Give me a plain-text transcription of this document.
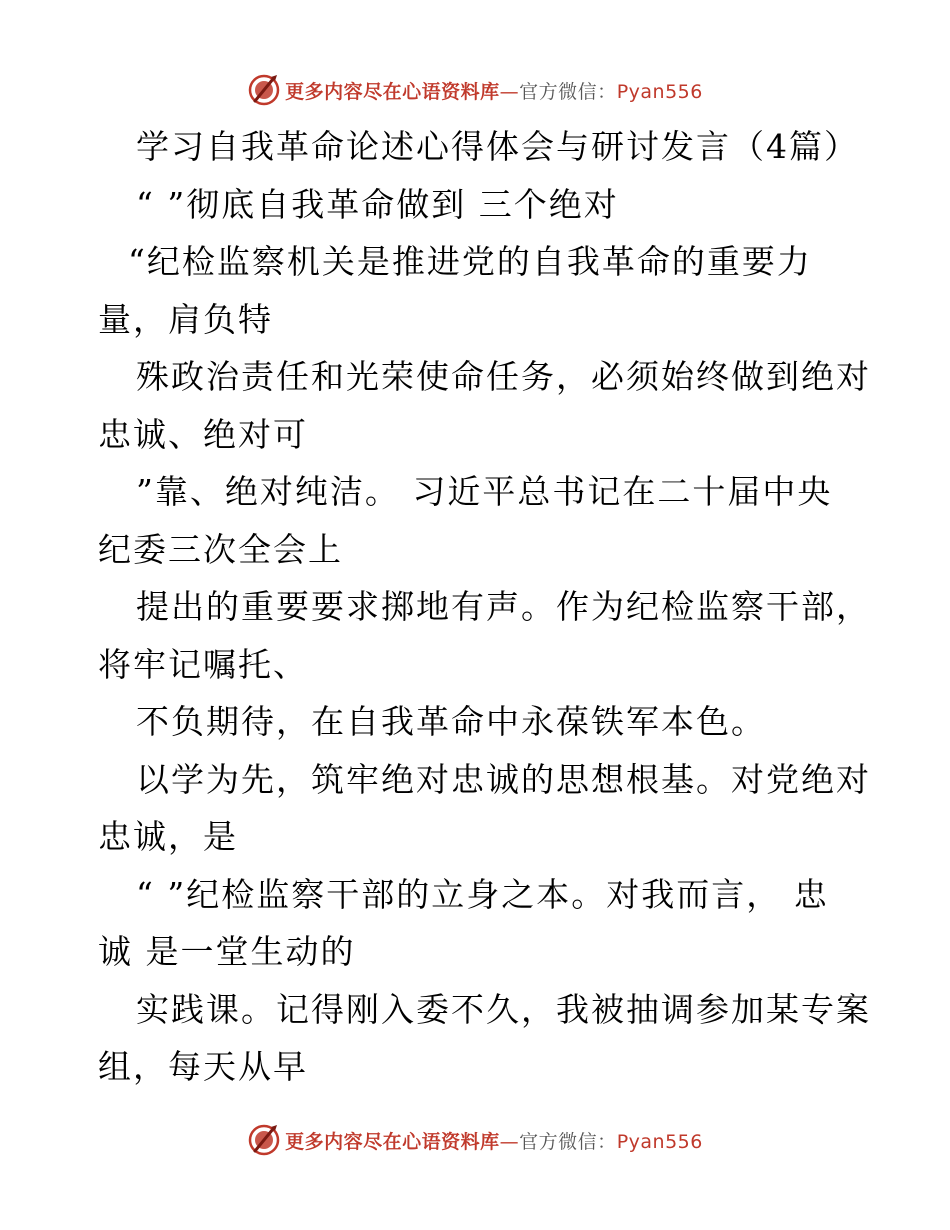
更多内容尽在心语资料库—官方微信：Pyan556
学习自我革命论述心得体会与研讨发言（4篇）
“ ”彻底自我革命做到 三个绝对
“纪检监察机关是推进党的自我革命的重要力
量，肩负特
殊政治责任和光荣使命任务，必须始终做到绝对
忠诚、绝对可
”靠、绝对纯洁。 习近平总书记在二十届中央
纪委三次全会上
提出的重要要求掷地有声。作为纪检监察干部，
将牢记嘱托、
不负期待，在自我革命中永葆铁军本色。
以学为先，筑牢绝对忠诚的思想根基。对党绝对
忠诚，是
“ ”纪检监察干部的立身之本。对我而言， 忠
诚 是一堂生动的
实践课。记得刚入委不久，我被抽调参加某专案
组，每天从早
更多内容尽在心语资料库—官方微信：Pyan556
